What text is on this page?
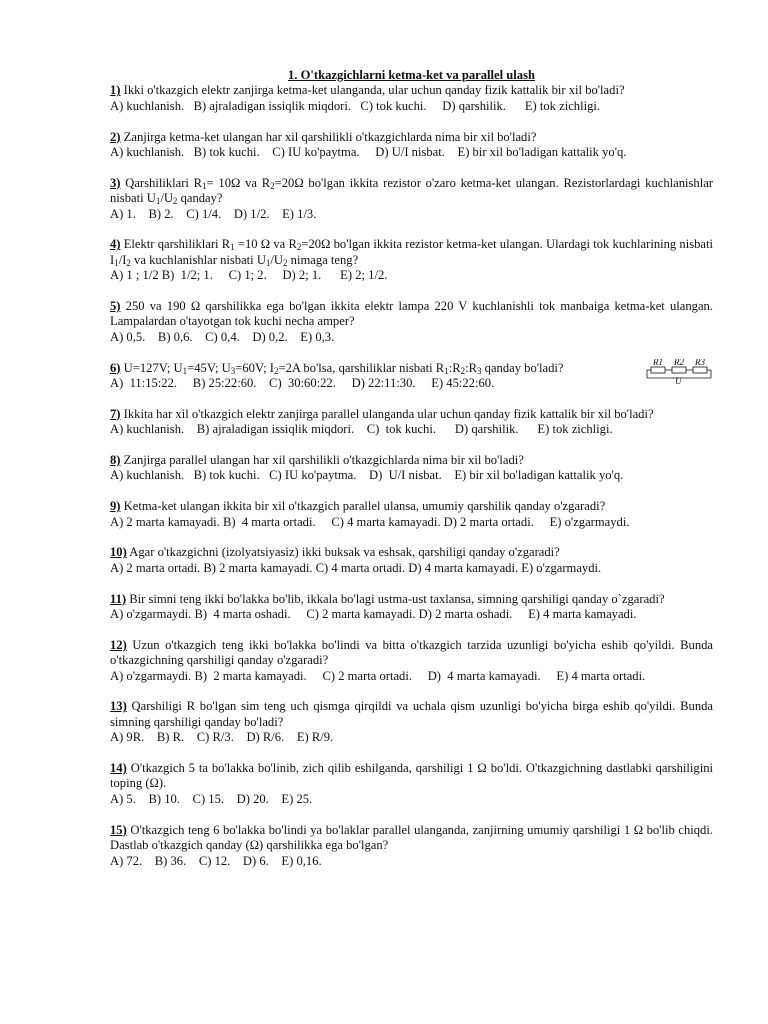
1. O'tkazgichlarni ketma-ket va parallel ulash
1) Ikki o'tkazgich elektr zanjirga ketma-ket ulanganda, ular uchun qanday fizik kattalik bir xil bo'ladi?
A) kuchlanish.   B) ajraladigan issiqlik miqdori.   C) tok kuchi.     D) qarshilik.      E) tok zichligi.
2) Zanjirga ketma-ket ulangan har xil qarshilikli o'tkazgichlarda nima bir xil bo'ladi?
A) kuchlanish.   B) tok kuchi.    C) IU ko'paytma.     D) U/I nisbat.    E) bir xil bo'ladigan kattalik yo'q.
3) Qarshiliklari $R_1= 10\Omega$ va $R_2=20\Omega$ bo'lgan ikkita rezistor o'zaro ketma-ket ulangan. Rezistorlardagi kuchlanishlar nisbati $U_1/U_2$ qanday?
A) 1.    B) 2.    C) 1/4.    D) 1/2.    E) 1/3.
4) Elektr qarshiliklari $R_1 =10$ Ω va $R_2=20\Omega$ bo'lgan ikkita rezistor ketma-ket ulangan. Ulardagi tok kuchlarining nisbati $I_1/I_2$ va kuchlanishlar nisbati $U_1/U_2$ nimaga teng?
A) 1 ; 1/2 B)  1/2; 1.     C) 1; 2.     D) 2; 1.      E) 2; 1/2.
5) 250 va 190 Ω qarshilikka ega bo'lgan ikkita elektr lampa 220 V kuchlanishli tok manbaiga ketma-ket ulangan. Lampalardan o'tayotgan tok kuchi necha amper?
A) 0,5.    B) 0,6.    C) 0,4.    D) 0,2.    E) 0,3.
6) U=127V; $U_1=45V$; $U_3=60V$; $I_2=2A$ bo'lsa, qarshiliklar nisbati $R_1:R_2:R_3$ qanday bo'ladi?
A)  11:15:22.     B) 25:22:60.    C)  30:60:22.     D) 22:11:30.     E) 45:22:60.
R1 R2 R3
U
7) Ikkita har xil o'tkazgich elektr zanjirga parallel ulanganda ular uchun qanday fizik kattalik bir xil bo'ladi?
A) kuchlanish.    B) ajraladigan issiqlik miqdori.    C)  tok kuchi.      D) qarshilik.      E) tok zichligi.
8) Zanjirga parallel ulangan har xil qarshilikli o'tkazgichlarda nima bir xil bo'ladi?
A) kuchlanish.   B) tok kuchi.   C) IU ko'paytma.    D)  U/I nisbat.    E) bir xil bo'ladigan kattalik yo'q.
9) Ketma-ket ulangan ikkita bir xil o'tkazgich parallel ulansa, umumiy qarshilik qanday o'zgaradi?
A) 2 marta kamayadi. B)  4 marta ortadi.     C) 4 marta kamayadi. D) 2 marta ortadi.     E) o'zgarmaydi.
10) Agar o'tkazgichni (izolyatsiyasiz) ikki buksak va eshsak, qarshiligi qanday o'zgaradi?
A) 2 marta ortadi. B) 2 marta kamayadi. C) 4 marta ortadi. D) 4 marta kamayadi. E) o'zgarmaydi.
11) Bir simni teng ikki bo'lakka bo'lib, ikkala bo'lagi ustma-ust taxlansa, simning qarshiligi qanday o`zgaradi?
A) o'zgarmaydi. B)  4 marta oshadi.     C) 2 marta kamayadi. D) 2 marta oshadi.     E) 4 marta kamayadi.
12) Uzun o'tkazgich teng ikki bo'lakka bo'lindi va bitta o'tkazgich tarzida uzunligi bo'yicha eshib qo'yildi. Bunda o'tkazgichning qarshiligi qanday o'zgaradi?
A) o'zgarmaydi. B)  2 marta kamayadi.     C) 2 marta ortadi.     D)  4 marta kamayadi.     E) 4 marta ortadi.
13) Qarshiligi R bo'lgan sim teng uch qismga qirqildi va uchala qism uzunligi bo'yicha birga eshib qo'yildi. Bunda simning qarshiligi qanday bo'ladi?
A) 9R.    B) R.    C) R/3.    D) R/6.    E) R/9.
14) O'tkazgich 5 ta bo'lakka bo'linib, zich qilib eshilganda, qarshiligi 1 Ω bo'ldi. O'tkazgichning dastlabki qarshiligini toping (Ω).
A) 5.    B) 10.    C) 15.    D) 20.    E) 25.
15) O'tkazgich teng 6 bo'lakka bo'lindi ya bo'laklar parallel ulanganda, zanjirning umumiy qarshiligi 1 Ω bo'lib chiqdi. Dastlab o'tkazgich qanday (Ω) qarshilikka ega bo'lgan?
A) 72.    B) 36.    C) 12.    D) 6.    E) 0,16.
